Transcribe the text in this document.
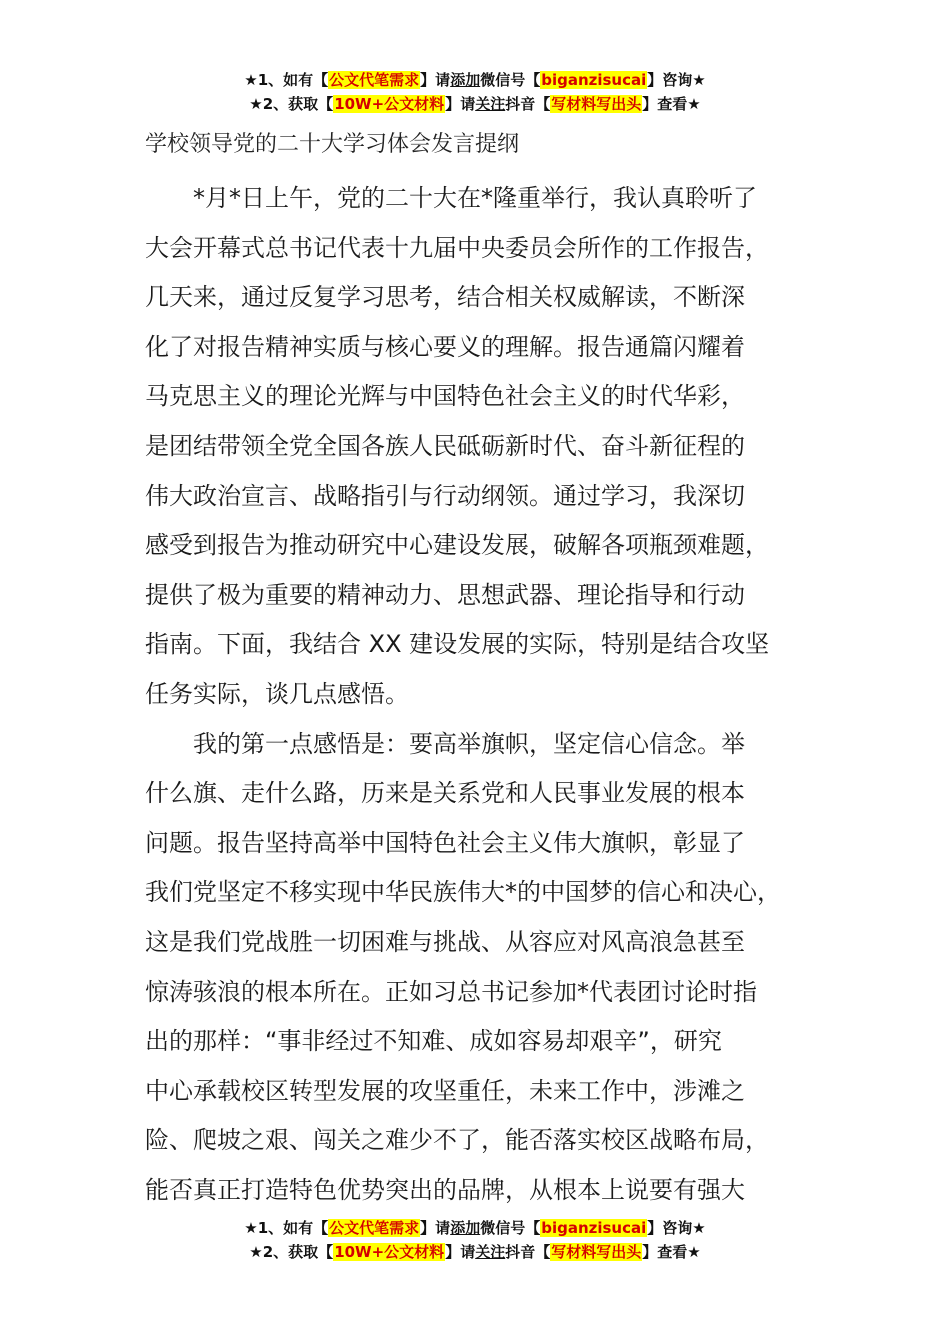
★1、如有【公文代笔需求】请添加微信号【biganzisucai】咨询★
★2、获取【10W+公文材料】请关注抖音【写材料写出头】查看★
学校领导党的二十大学习体会发言提纲
*月*日上午，党的二十大在*隆重举行，我认真聆听了
大会开幕式总书记代表十九届中央委员会所作的工作报告，
几天来，通过反复学习思考，结合相关权威解读，不断深
化了对报告精神实质与核心要义的理解。报告通篇闪耀着
马克思主义的理论光辉与中国特色社会主义的时代华彩，
是团结带领全党全国各族人民砥砺新时代、奋斗新征程的
伟大政治宣言、战略指引与行动纲领。通过学习，我深切
感受到报告为推动研究中心建设发展，破解各项瓶颈难题，
提供了极为重要的精神动力、思想武器、理论指导和行动
指南。下面，我结合 XX 建设发展的实际，特别是结合攻坚
任务实际，谈几点感悟。
我的第一点感悟是：要高举旗帜，坚定信心信念。举
什么旗、走什么路，历来是关系党和人民事业发展的根本
问题。报告坚持高举中国特色社会主义伟大旗帜，彰显了
我们党坚定不移实现中华民族伟大*的中国梦的信心和决心，
这是我们党战胜一切困难与挑战、从容应对风高浪急甚至
惊涛骇浪的根本所在。正如习总书记参加*代表团讨论时指
出的那样：“事非经过不知难、成如容易却艰辛”，研究
中心承载校区转型发展的攻坚重任，未来工作中，涉滩之
险、爬坡之艰、闯关之难少不了，能否落实校区战略布局，
能否真正打造特色优势突出的品牌，从根本上说要有强大
★1、如有【公文代笔需求】请添加微信号【biganzisucai】咨询★
★2、获取【10W+公文材料】请关注抖音【写材料写出头】查看★
